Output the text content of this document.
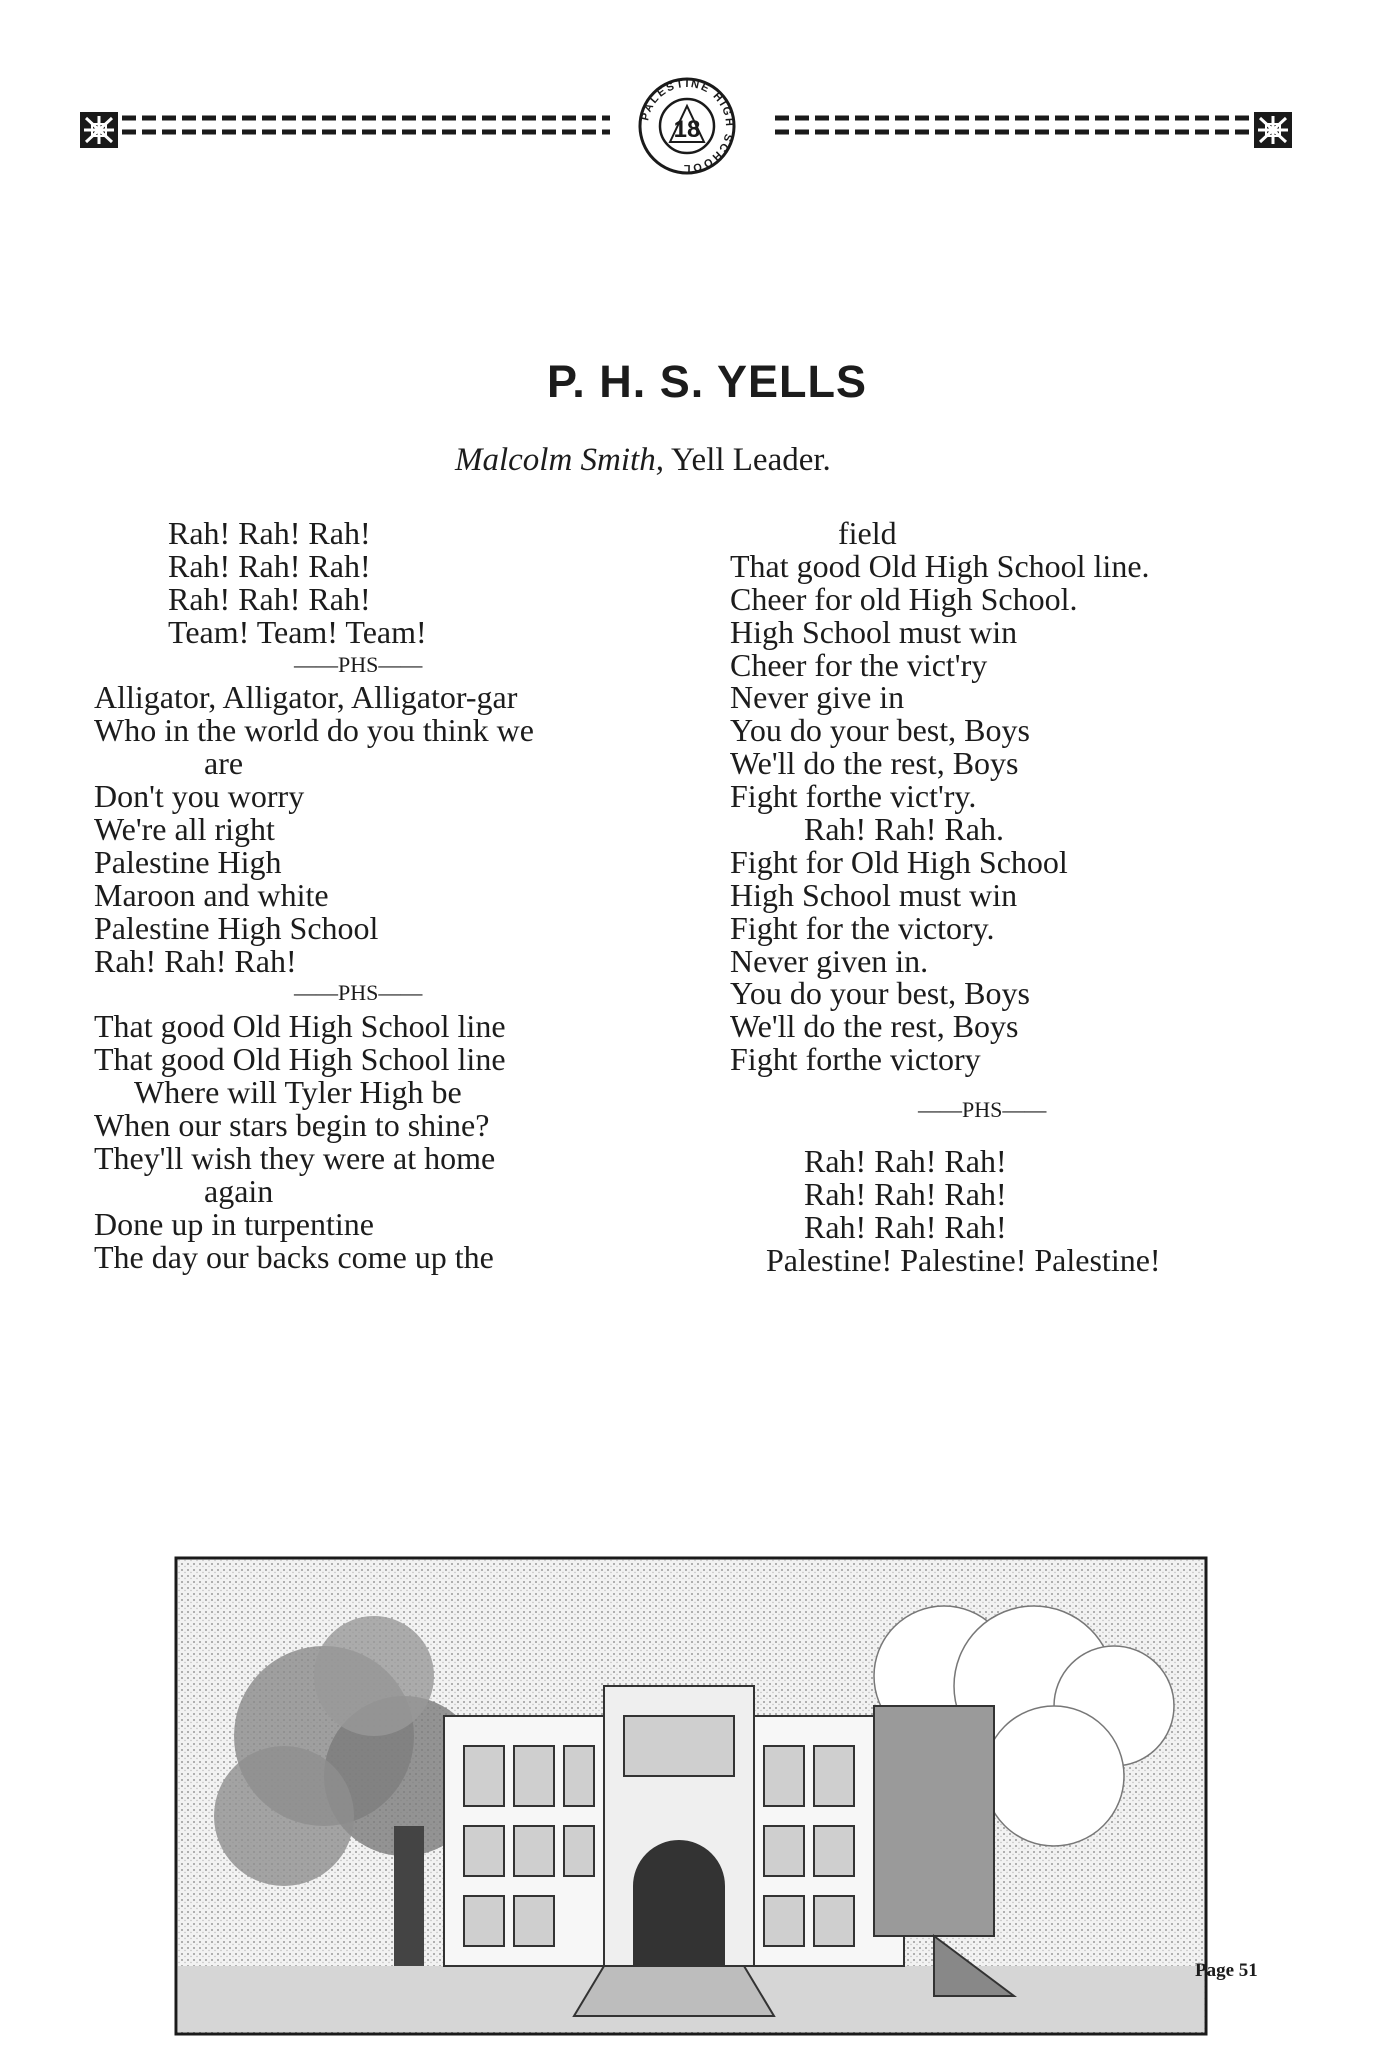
PALESTINE HIGH SCHOOL
18
P. H. S. YELLS
Malcolm Smith, Yell Leader.
Rah! Rah! Rah!
Rah! Rah! Rah!
Rah! Rah! Rah!
Team! Team! Team!
——PHS——
Alligator, Alligator, Alligator-gar
Who in the world do you think we
are
Don't you worry
We're all right
Palestine High
Maroon and white
Palestine High School
Rah! Rah! Rah!
——PHS——
That good Old High School line
That good Old High School line
Where will Tyler High be
When our stars begin to shine?
They'll wish they were at home
again
Done up in turpentine
The day our backs come up the
field
That good Old High School line.
Cheer for old High School.
High School must win
Cheer for the vict'ry
Never give in
You do your best, Boys
We'll do the rest, Boys
Fight forthe vict'ry.
Rah! Rah! Rah.
Fight for Old High School
High School must win
Fight for the victory.
Never given in.
You do your best, Boys
We'll do the rest, Boys
Fight forthe victory
——PHS——
Rah! Rah! Rah!
Rah! Rah! Rah!
Rah! Rah! Rah!
Palestine! Palestine! Palestine!
Page 51
